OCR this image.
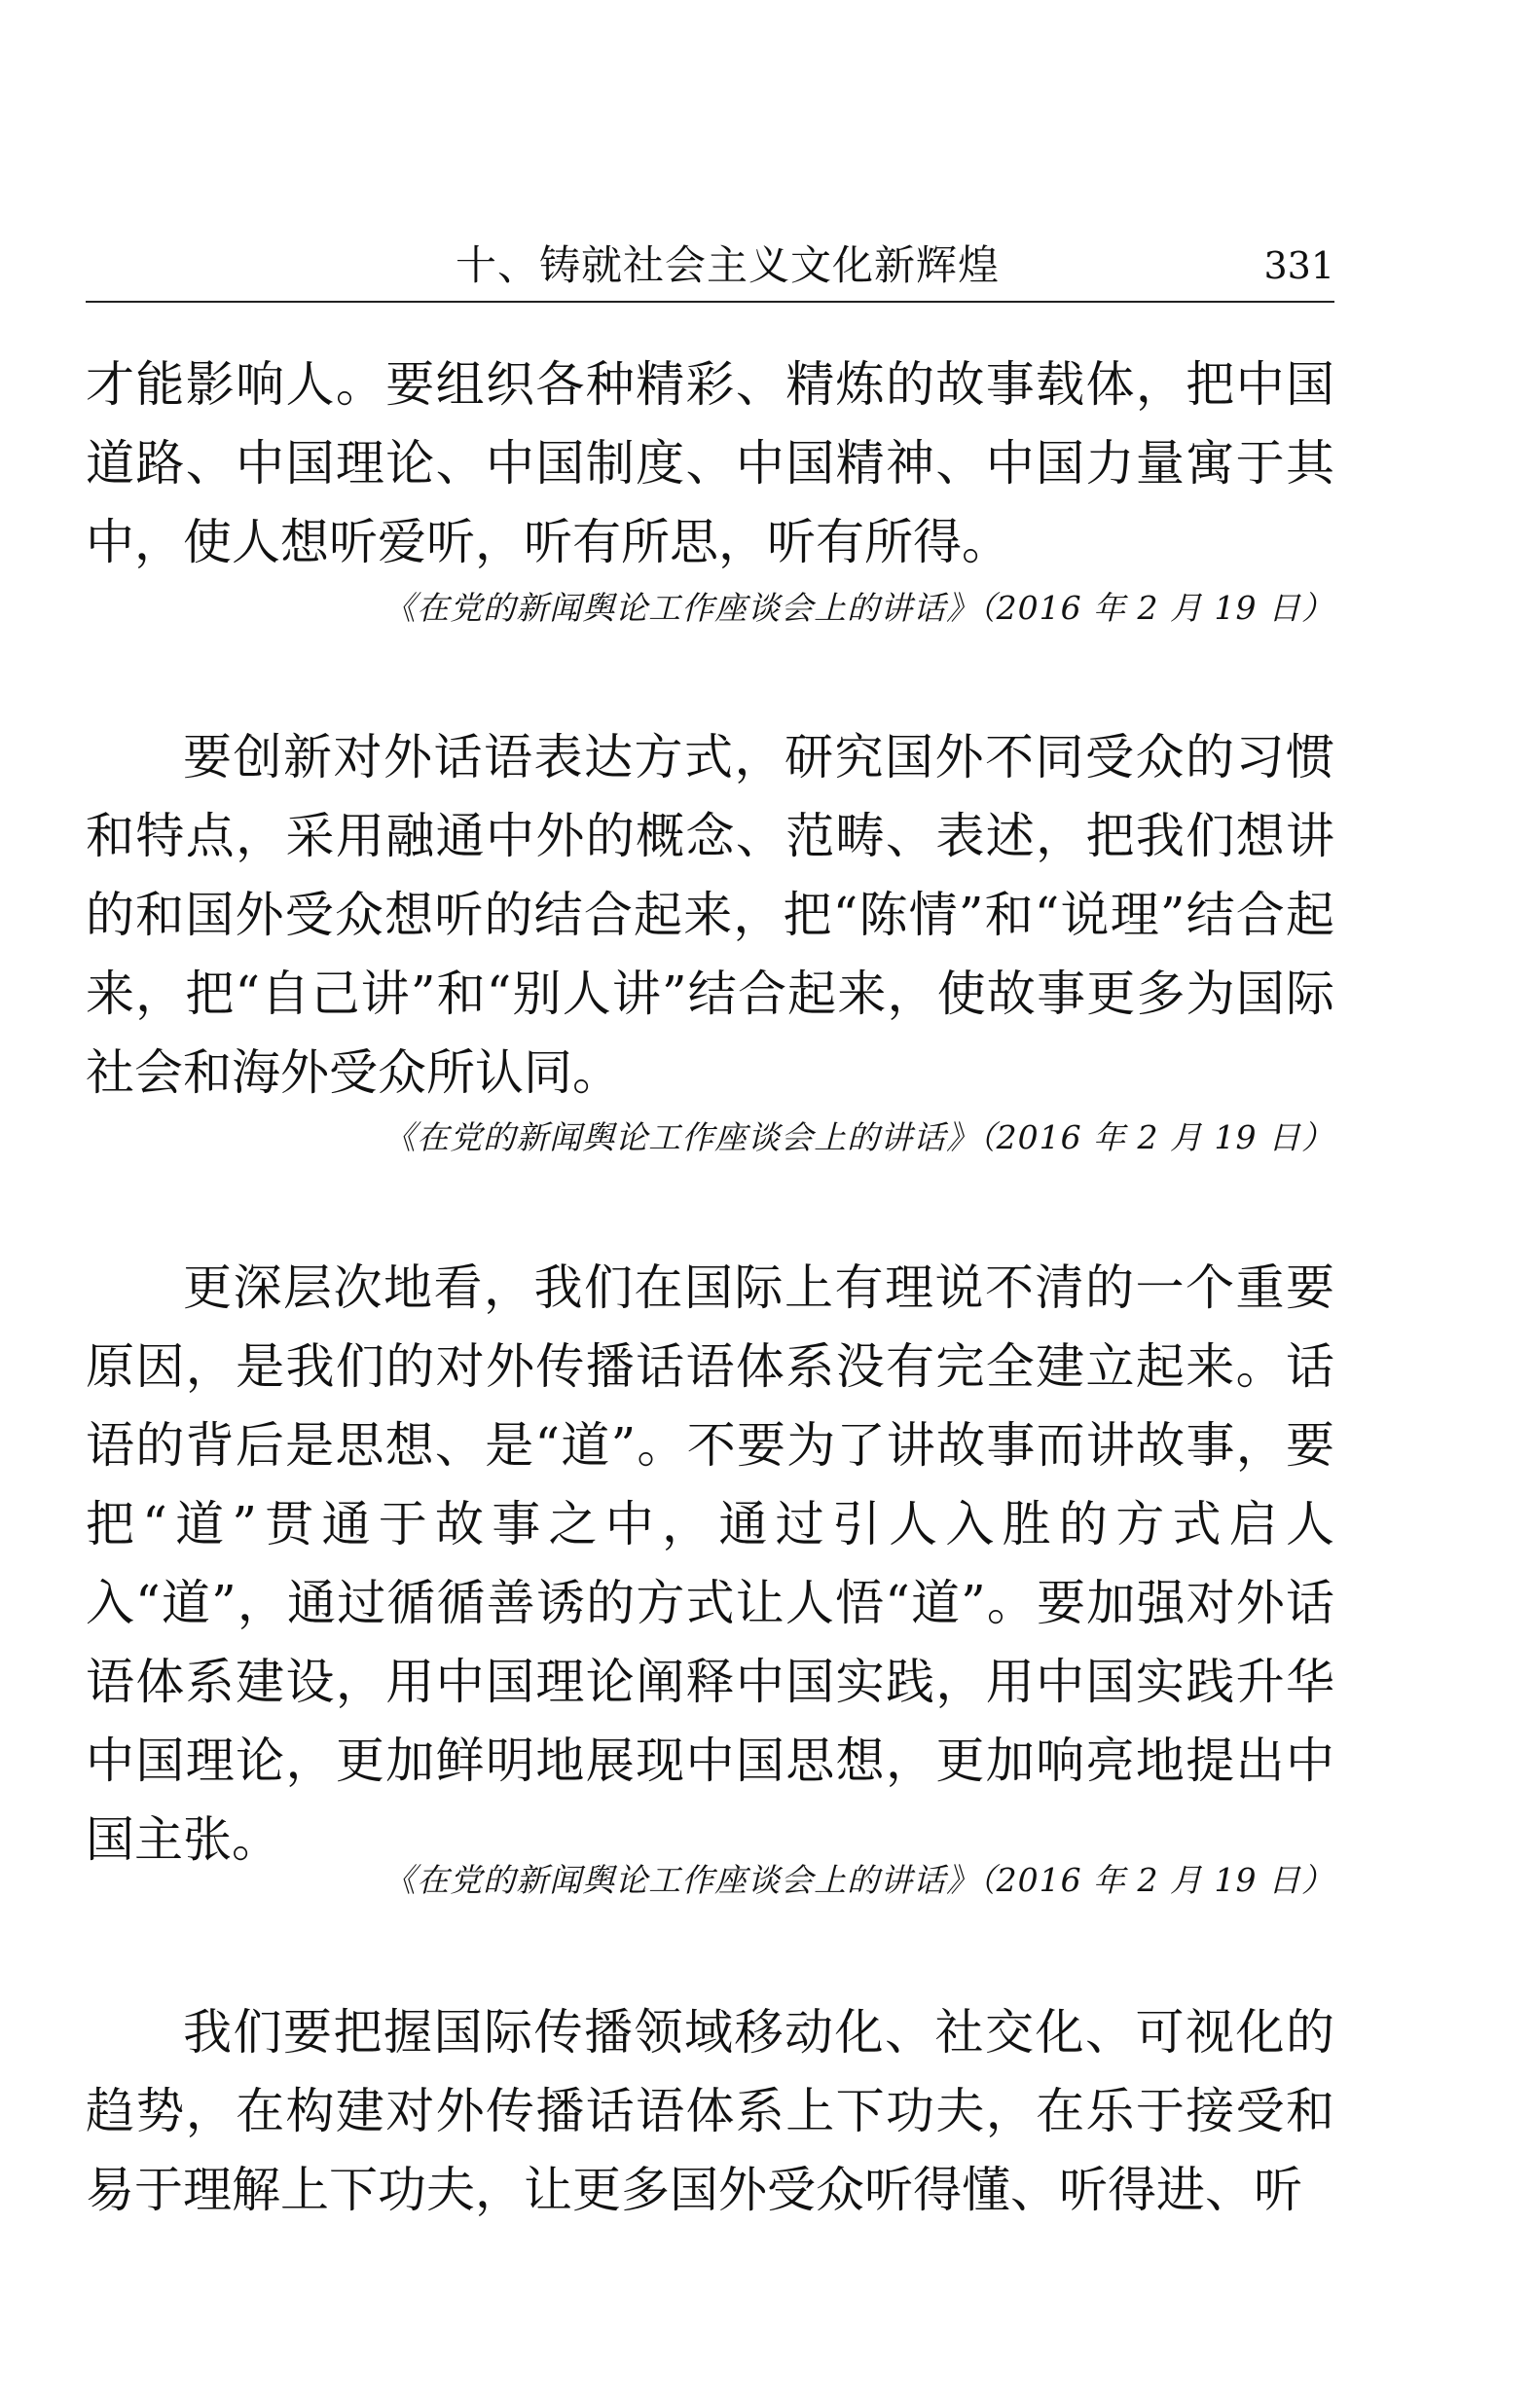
十、铸就社会主义文化新辉煌	331

才能影响人。要组织各种精彩、精炼的故事载体，把中国道路、中国理论、中国制度、中国精神、中国力量寓于其中，使人想听爱听，听有所思，听有所得。

《在党的新闻舆论工作座谈会上的讲话》（2016 年 2 月 19 日）

要创新对外话语表达方式，研究国外不同受众的习惯和特点，采用融通中外的概念、范畴、表述，把我们想讲的和国外受众想听的结合起来，把“陈情”和“说理”结合起来，把“自己讲”和“别人讲”结合起来，使故事更多为国际社会和海外受众所认同。

《在党的新闻舆论工作座谈会上的讲话》（2016 年 2 月 19 日）

更深层次地看，我们在国际上有理说不清的一个重要原因，是我们的对外传播话语体系没有完全建立起来。话语的背后是思想、是“道”。不要为了讲故事而讲故事，要把“道”贯通于故事之中，通过引人入胜的方式启人入“道”，通过循循善诱的方式让人悟“道”。要加强对外话语体系建设，用中国理论阐释中国实践，用中国实践升华中国理论，更加鲜明地展现中国思想，更加响亮地提出中国主张。

《在党的新闻舆论工作座谈会上的讲话》（2016 年 2 月 19 日）

我们要把握国际传播领域移动化、社交化、可视化的趋势，在构建对外传播话语体系上下功夫，在乐于接受和易于理解上下功夫，让更多国外受众听得懂、听得进、听
